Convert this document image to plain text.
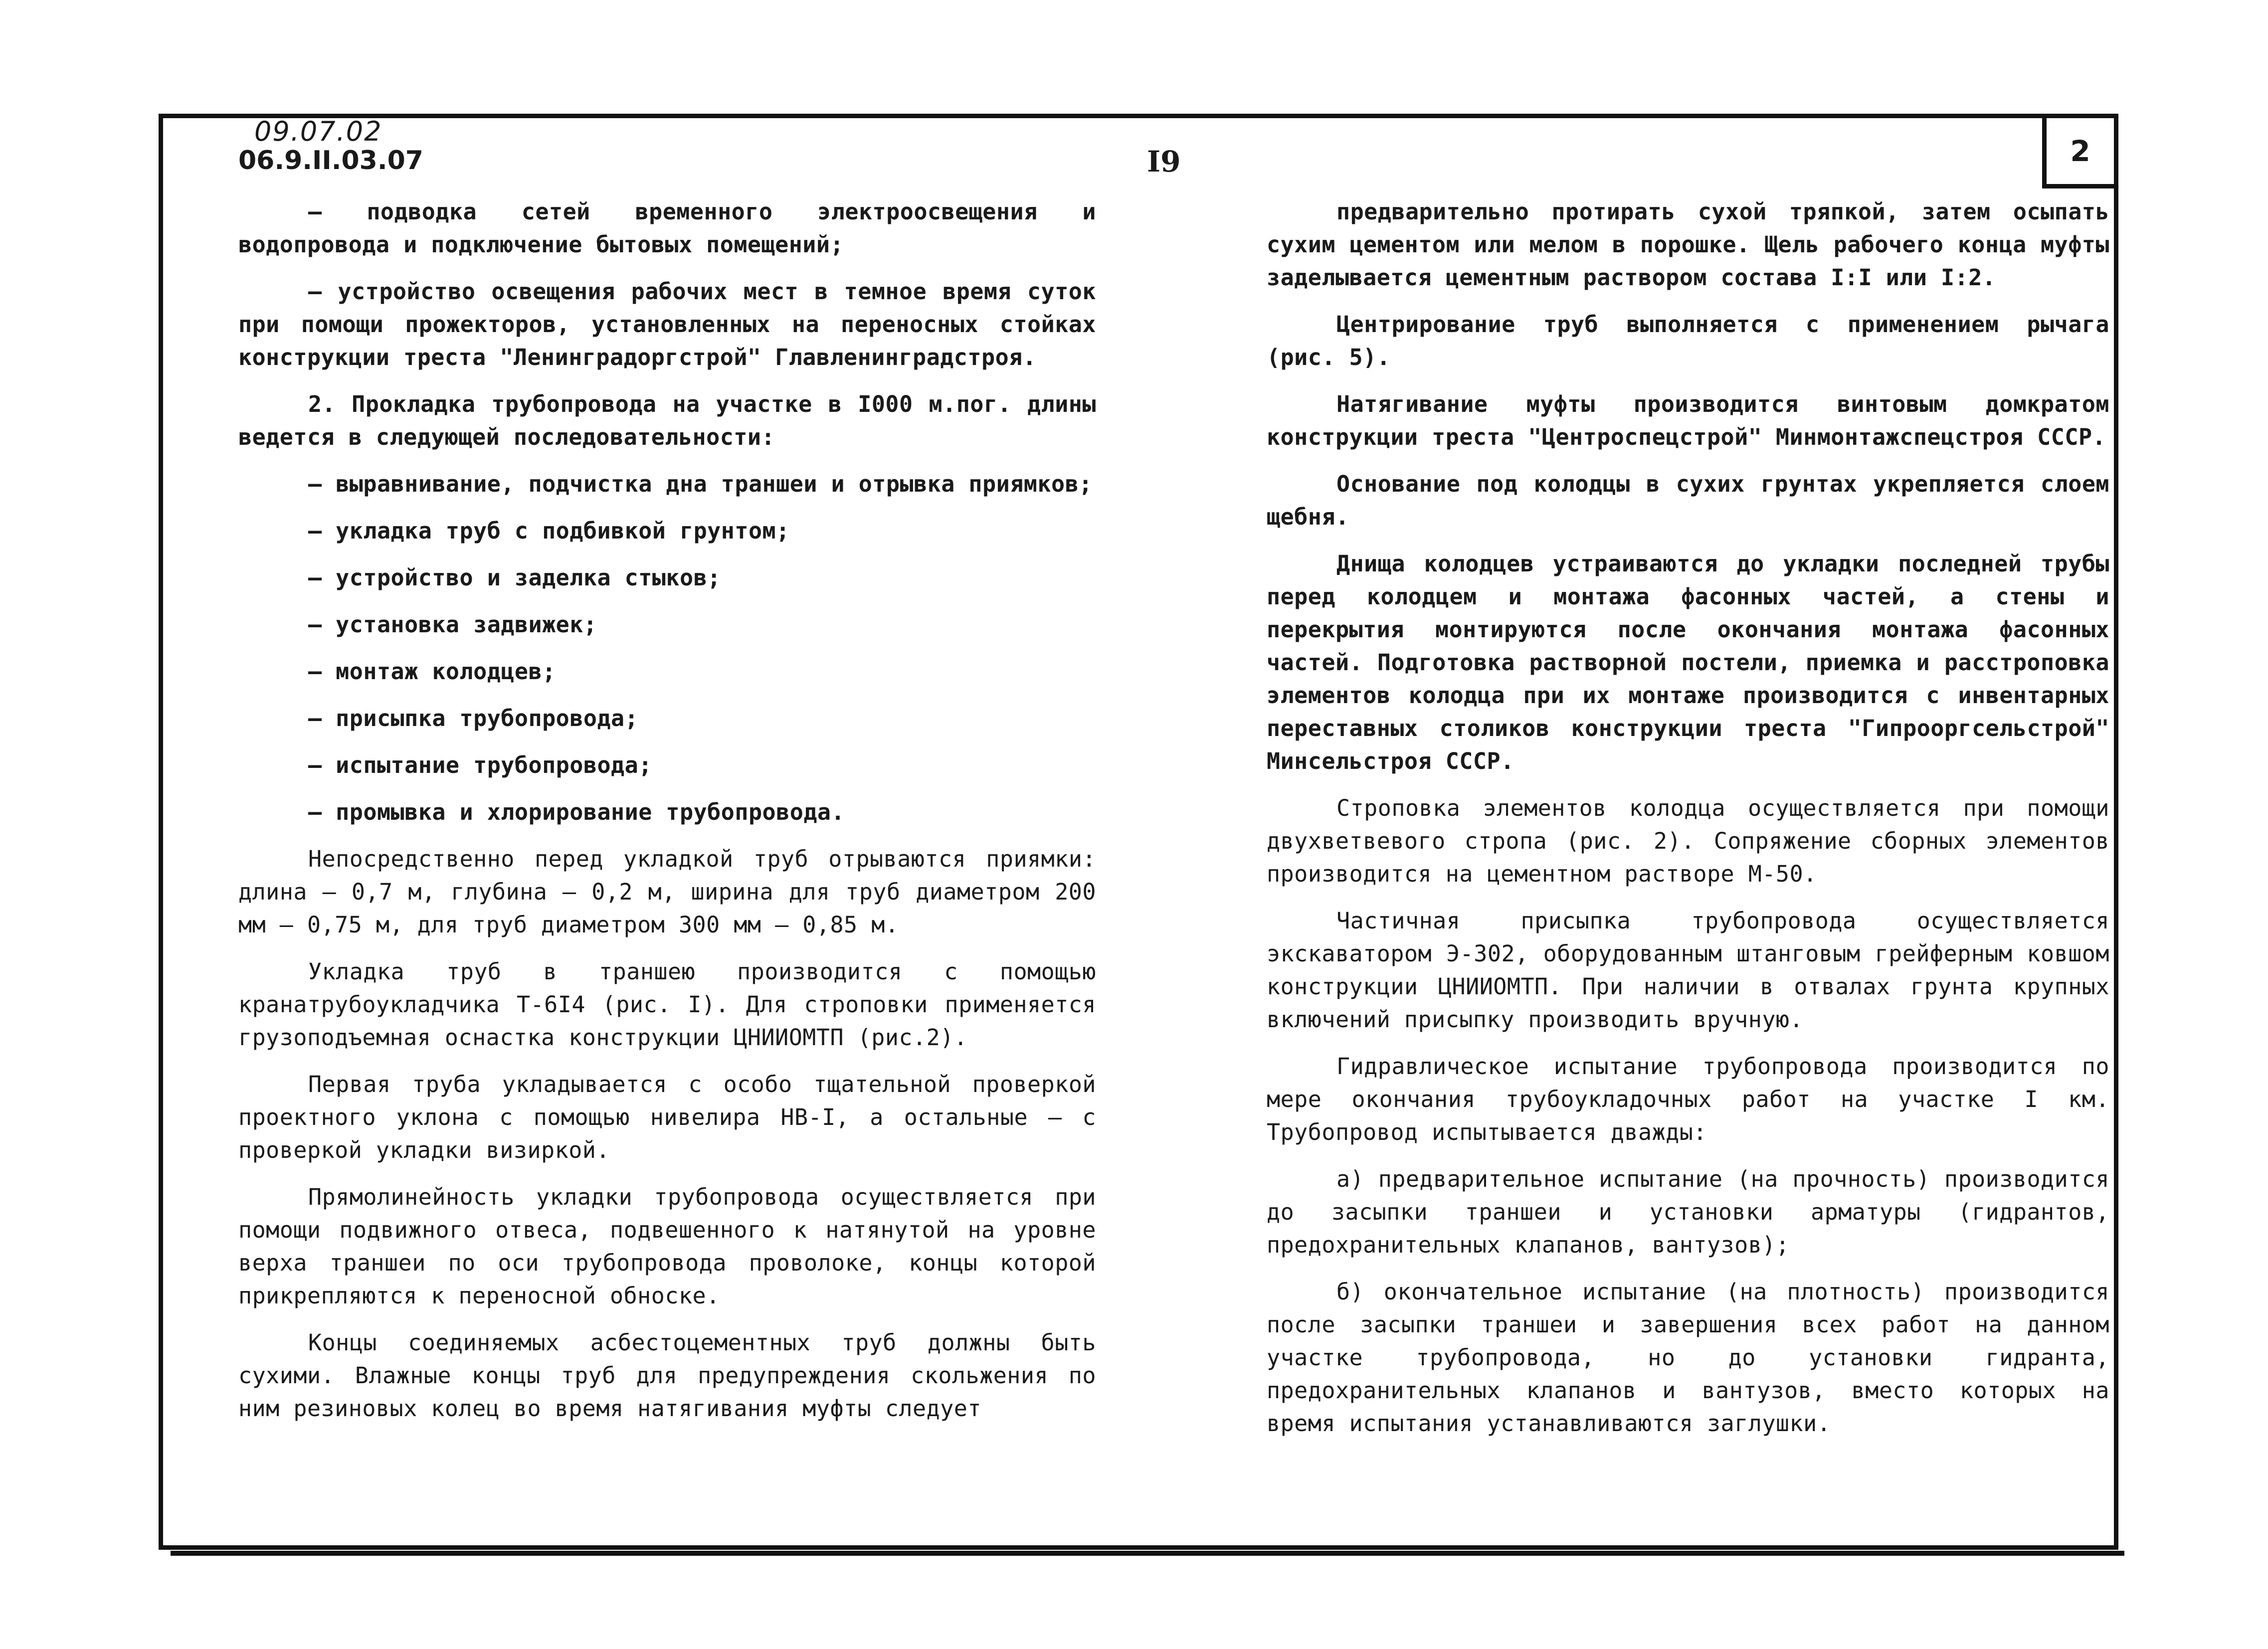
2
09.07.02
06.9.II.03.07	I9

– подводка сетей временного электроосвещения и водопровода и подключение бытовых помещений;

– устройство освещения рабочих мест в темное время суток при помощи прожекторов, установленных на переносных стойках конструкции треста "Ленинградоргстрой" Главленинградстроя.

2. Прокладка трубопровода на участке в I000 м.пог. длины ведется в следующей последовательности:

– выравнивание, подчистка дна траншеи и отрывка приямков;

– укладка труб с подбивкой грунтом;

– устройство и заделка стыков;

– установка задвижек;

– монтаж колодцев;

– присыпка трубопровода;

– испытание трубопровода;

– промывка и хлорирование трубопровода.

Непосредственно перед укладкой труб отрываются приямки: длина – 0,7 м, глубина – 0,2 м, ширина для труб диаметром 200 мм – 0,75 м, для труб диаметром 300 мм – 0,85 м.

Укладка труб в траншею производится с помощью кранатрубоукладчика Т-6I4 (рис. I). Для строповки применяется грузоподъемная оснастка конструкции ЦНИИОМТП (рис.2).

Первая труба укладывается с особо тщательной проверкой проектного уклона с помощью нивелира НВ-I, а остальные – с проверкой укладки визиркой.

Прямолинейность укладки трубопровода осуществляется при помощи подвижного отвеса, подвешенного к натянутой на уровне верха траншеи по оси трубопровода проволоке, концы которой прикрепляются к переносной обноске.

Концы соединяемых асбестоцементных труб должны быть сухими. Влажные концы труб для предупреждения скольжения по ним резиновых колец во время натягивания муфты следует

предварительно протирать сухой тряпкой, затем осыпать сухим цементом или мелом в порошке. Щель рабочего конца муфты заделывается цементным раствором состава I:I или I:2.

Центрирование труб выполняется с применением рычага (рис. 5).

Натягивание муфты производится винтовым домкратом конструкции треста "Центроспецстрой" Минмонтажспецстроя СССР.

Основание под колодцы в сухих грунтах укрепляется слоем щебня.

Днища колодцев устраиваются до укладки последней трубы перед колодцем и монтажа фасонных частей, а стены и перекрытия монтируются после окончания монтажа фасонных частей. Подготовка растворной постели, приемка и расстроповка элементов колодца при их монтаже производится с инвентарных переставных столиков конструкции треста "Гипрооргсельстрой" Минсельстроя СССР.

Строповка элементов колодца осуществляется при помощи двухветвевого стропа (рис. 2). Сопряжение сборных элементов производится на цементном растворе М-50.

Частичная присыпка трубопровода осуществляется экскаватором Э-302, оборудованным штанговым грейферным ковшом конструкции ЦНИИОМТП. При наличии в отвалах грунта крупных включений присыпку производить вручную.

Гидравлическое испытание трубопровода производится по мере окончания трубоукладочных работ на участке I км. Трубопровод испытывается дважды:

а) предварительное испытание (на прочность) производится до засыпки траншеи и установки арматуры (гидрантов, предохранительных клапанов, вантузов);

б) окончательное испытание (на плотность) производится после засыпки траншеи и завершения всех работ на данном участке трубопровода, но до установки гидранта, предохранительных клапанов и вантузов, вместо которых на время испытания устанавливаются заглушки.
